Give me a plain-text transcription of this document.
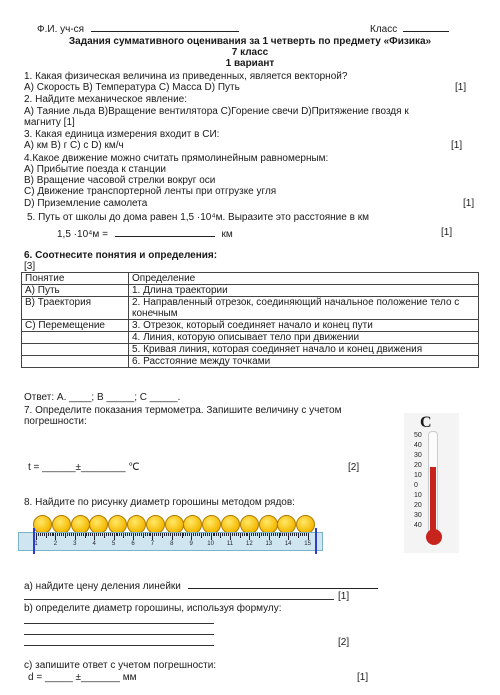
Ф.И. уч-ся	Класс
Задания суммативного оценивания за 1 четверть по предмету «Физика»
7 класс
1 вариант
1. Какая физическая величина из приведенных, является векторной?
A) Скорость B) Температура C) Масса D) Путь	[1]
2. Найдите механическое явление:
A) Таяние льда B)Вращение вентилятора C)Горение свечи D)Притяжение гвоздя к
магниту [1]
3. Какая единица измерения входит в СИ:
A) км B) г C) с D) км/ч	[1]
4.Какое движение можно считать прямолинейным равномерным:
A) Прибытие поезда к станции
B) Вращение часовой стрелки вокруг оси
C) Движение транспортерной ленты при отгрузке угля
D) Приземление самолета	[1]
5. Путь от школы до дома равен 1,5 ·10⁴м. Выразите это расстояние в км
1,5 ·10⁴м =	км	[1]
6. Соотнесите понятия и определения:
[3]
Понятие	Определение
A) Путь	1. Длина траектории
B) Траектория	2. Направленный отрезок, соединяющий начальное положение тело с конечным
C) Перемещение	3. Отрезок, который соединяет начало и конец пути
	4. Линия, которую описывает тело при движении
	5. Кривая линия, которая соединяет начало и конец движения
	6. Расстояние между точками
Ответ: A. ____; B _____; C _____.
7. Определите показания термометра. Запишите величину с учетом
погрешности:
t = ______±________ ℃	[2]
C
50
40
30
20
10
0
10
20
30
40
8. Найдите по рисунку диаметр горошины методом рядов:
1	2	3	4	5	6	7	8	9	10	11	12	13	14	15
а) найдите цену деления линейки
[1]
b) определите диаметр горошины, используя формулу:
[2]
с) запишите ответ с учетом погрешности:
d = _____ ±_______ мм	[1]
